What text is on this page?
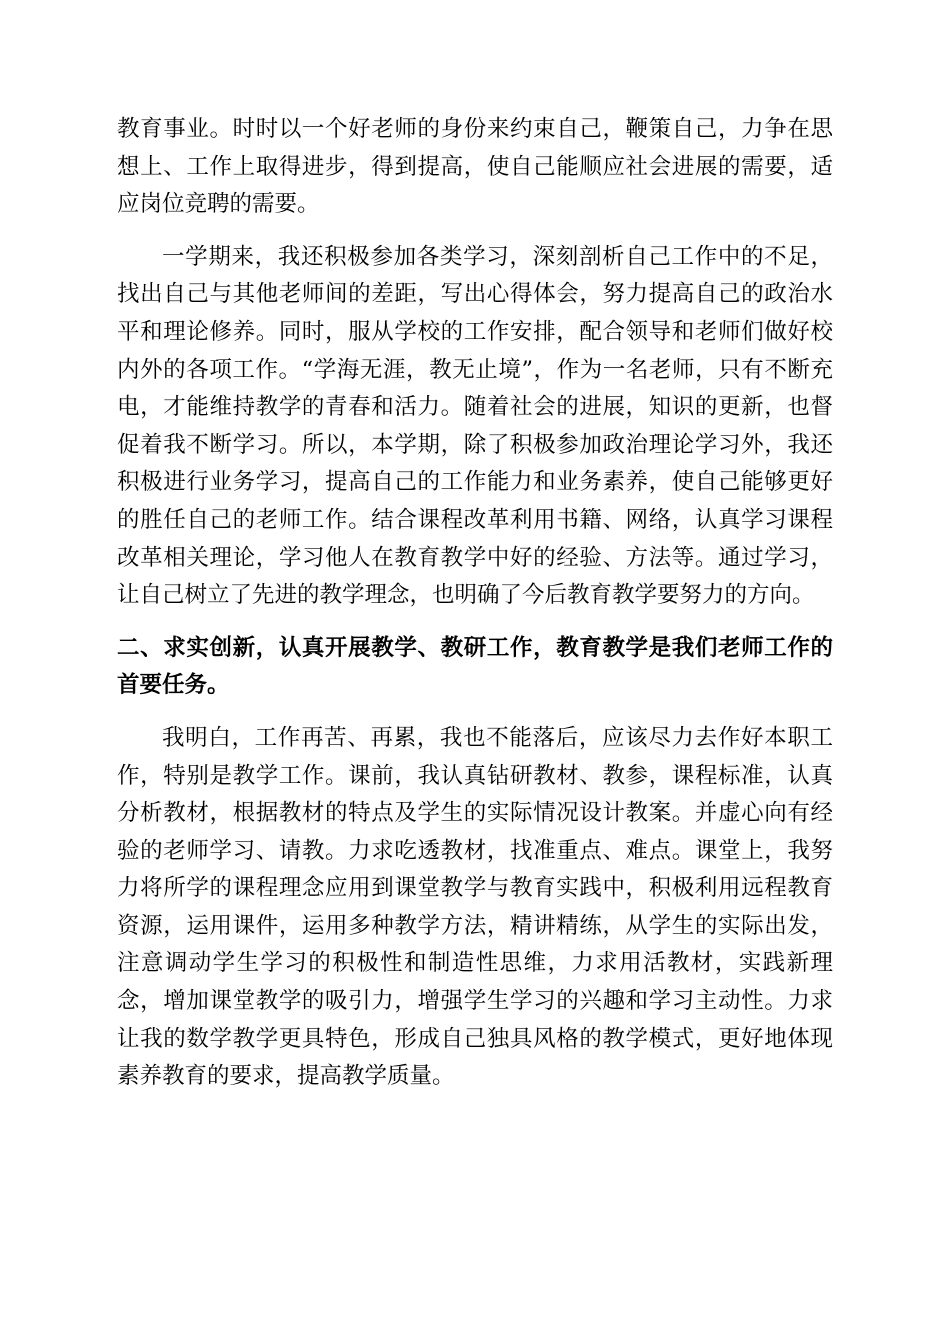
教育事业。时时以一个好老师的身份来约束自己，鞭策自己，力争在思想上、工作上取得进步，得到提高，使自己能顺应社会进展的需要，适应岗位竞聘的需要。

一学期来，我还积极参加各类学习，深刻剖析自己工作中的不足，找出自己与其他老师间的差距，写出心得体会，努力提高自己的政治水平和理论修养。同时，服从学校的工作安排，配合领导和老师们做好校内外的各项工作。“学海无涯，教无止境”，作为一名老师，只有不断充电，才能维持教学的青春和活力。随着社会的进展，知识的更新，也督促着我不断学习。所以，本学期，除了积极参加政治理论学习外，我还积极进行业务学习，提高自己的工作能力和业务素养，使自己能够更好的胜任自己的老师工作。结合课程改革利用书籍、网络，认真学习课程改革相关理论，学习他人在教育教学中好的经验、方法等。通过学习，让自己树立了先进的教学理念，也明确了今后教育教学要努力的方向。

二、求实创新，认真开展教学、教研工作，教育教学是我们老师工作的首要任务。

我明白，工作再苦、再累，我也不能落后，应该尽力去作好本职工作，特别是教学工作。课前，我认真钻研教材、教参，课程标准，认真分析教材，根据教材的特点及学生的实际情况设计教案。并虚心向有经验的老师学习、请教。力求吃透教材，找准重点、难点。课堂上，我努力将所学的课程理念应用到课堂教学与教育实践中，积极利用远程教育资源，运用课件，运用多种教学方法，精讲精练，从学生的实际出发，注意调动学生学习的积极性和制造性思维，力求用活教材，实践新理念，增加课堂教学的吸引力，增强学生学习的兴趣和学习主动性。力求让我的数学教学更具特色，形成自己独具风格的教学模式，更好地体现素养教育的要求，提高教学质量。
